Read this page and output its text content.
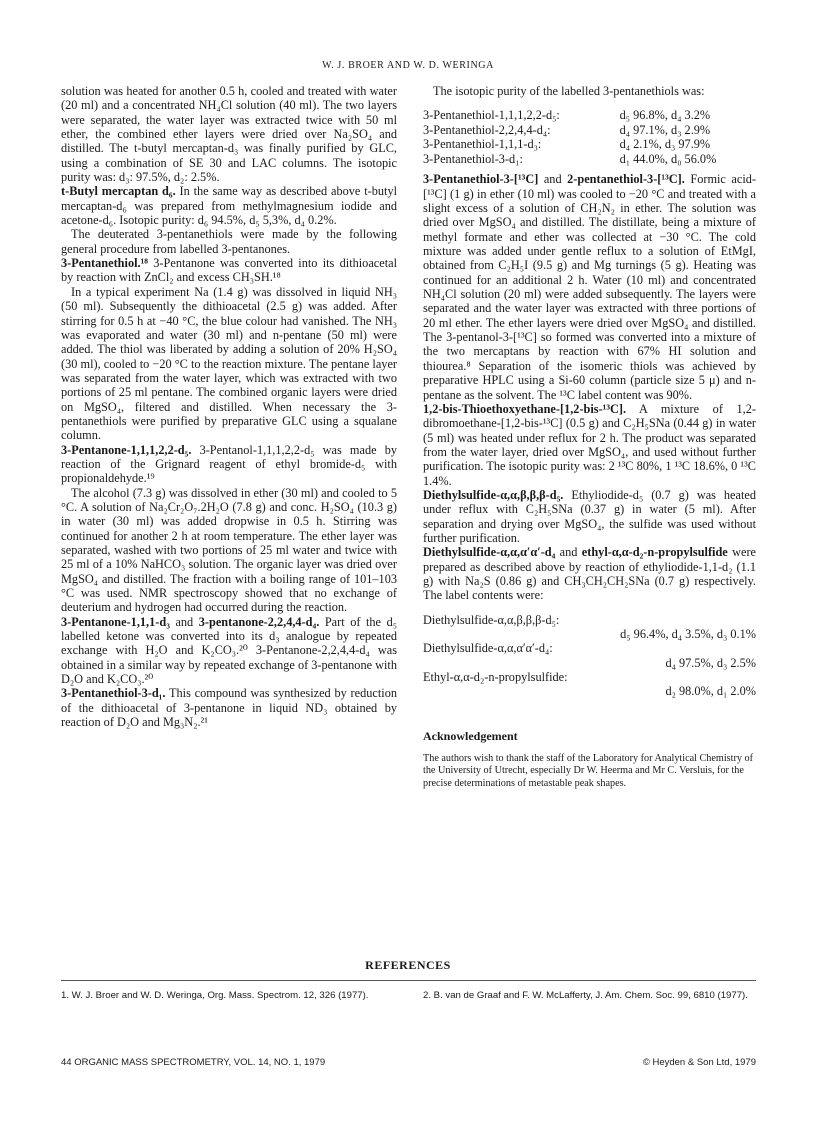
W. J. BROER AND W. D. WERINGA

solution was heated for another 0.5 h, cooled and treated with water (20 ml) and a concentrated NH₄Cl solution (40 ml). The two layers were separated, the water layer was extracted twice with 50 ml ether, the combined ether layers were dried over Na₂SO₄ and distilled. The t-butyl mercaptan-d₃ was finally purified by GLC, using a combination of SE 30 and LAC columns. The isotopic purity was: d₃: 97.5%, d₂: 2.5%.

t-Butyl mercaptan d₆. In the same way as described above t-butyl mercaptan-d₆ was prepared from methylmagnesium iodide and acetone-d₆. Isotopic purity: d₆ 94.5%, d₅ 5,3%, d₄ 0.2%.

The deuterated 3-pentanethiols were made by the following general procedure from labelled 3-pentanones.

3-Pentanethiol.¹⁸ 3-Pentanone was converted into its dithioacetal by reaction with ZnCl₂ and excess CH₃SH.¹⁸

In a typical experiment Na (1.4 g) was dissolved in liquid NH₃ (50 ml). Subsequently the dithioacetal (2.5 g) was added. After stirring for 0.5 h at −40 °C, the blue colour had vanished. The NH₃ was evaporated and water (30 ml) and n-pentane (50 ml) were added. The thiol was liberated by adding a solution of 20% H₂SO₄ (30 ml), cooled to −20 °C to the reaction mixture. The pentane layer was separated from the water layer, which was extracted with two portions of 25 ml pentane. The combined organic layers were dried on MgSO₄, filtered and distilled. When necessary the 3-pentanethiols were purified by preparative GLC using a squalane column.

3-Pentanone-1,1,1,2,2-d₅. 3-Pentanol-1,1,1,2,2-d₅ was made by reaction of the Grignard reagent of ethyl bromide-d₅ with propionaldehyde.¹⁹

The alcohol (7.3 g) was dissolved in ether (30 ml) and cooled to 5 °C. A solution of Na₂Cr₂O₇.2H₂O (7.8 g) and conc. H₂SO₄ (10.3 g) in water (30 ml) was added dropwise in 0.5 h. Stirring was continued for another 2 h at room temperature. The ether layer was separated, washed with two portions of 25 ml water and twice with 25 ml of a 10% NaHCO₃ solution. The organic layer was dried over MgSO₄ and distilled. The fraction with a boiling range of 101–103 °C was used. NMR spectroscopy showed that no exchange of deuterium and hydrogen had occurred during the reaction.

3-Pentanone-1,1,1-d₃ and 3-pentanone-2,2,4,4-d₄. Part of the d₅ labelled ketone was converted into its d₃ analogue by repeated exchange with H₂O and K₂CO₃.²⁰ 3-Pentanone-2,2,4,4-d₄ was obtained in a similar way by repeated exchange of 3-pentanone with D₂O and K₂CO₃.²⁰

3-Pentanethiol-3-d₁. This compound was synthesized by reduction of the dithioacetal of 3-pentanone in liquid ND₃ obtained by reaction of D₂O and Mg₃N₂.²¹

The isotopic purity of the labelled 3-pentanethiols was:

3-Pentanethiol-1,1,1,2,2-d₅:	d₅ 96.8%, d₄ 3.2%
3-Pentanethiol-2,2,4,4-d₄:	d₄ 97.1%, d₃ 2.9%
3-Pentanethiol-1,1,1-d₃:	d₄ 2.1%, d₃ 97.9%
3-Pentanethiol-3-d₁:	d₁ 44.0%, d₀ 56.0%

3-Pentanethiol-3-[¹³C] and 2-pentanethiol-3-[¹³C]. Formic acid-[¹³C] (1 g) in ether (10 ml) was cooled to −20 °C and treated with a slight excess of a solution of CH₂N₂ in ether. The solution was dried over MgSO₄ and distilled. The distillate, being a mixture of methyl formate and ether was collected at −30 °C. The cold mixture was added under gentle reflux to a solution of EtMgI, obtained from C₂H₅I (9.5 g) and Mg turnings (5 g). Heating was continued for an additional 2 h. Water (10 ml) and concentrated NH₄Cl solution (20 ml) were added subsequently. The layers were separated and the water layer was extracted with three portions of 20 ml ether. The ether layers were dried over MgSO₄ and distilled. The 3-pentanol-3-[¹³C] so formed was converted into a mixture of the two mercaptans by reaction with 67% HI solution and thiourea.⁸ Separation of the isomeric thiols was achieved by preparative HPLC using a Si-60 column (particle size 5 μ) and n-pentane as the solvent. The ¹³C label content was 90%.

1,2-bis-Thioethoxyethane-[1,2-bis-¹³C]. A mixture of 1,2-dibromoethane-[1,2-bis-¹³C] (0.5 g) and C₂H₅SNa (0.44 g) in water (5 ml) was heated under reflux for 2 h. The product was separated from the water layer, dried over MgSO₄, and used without further purification. The isotopic purity was: 2 ¹³C 80%, 1 ¹³C 18.6%, 0 ¹³C 1.4%.

Diethylsulfide-α,α,β,β,β-d₅. Ethyliodide-d₅ (0.7 g) was heated under reflux with C₂H₅SNa (0.37 g) in water (5 ml). After separation and drying over MgSO₄, the sulfide was used without further purification.

Diethylsulfide-α,α,α′α′-d₄ and ethyl-α,α-d₂-n-propylsulfide were prepared as described above by reaction of ethyliodide-1,1-d₂ (1.1 g) with Na₂S (0.86 g) and CH₃CH₂CH₂SNa (0.7 g) respectively. The label contents were:

Diethylsulfide-α,α,β,β,β-d₅:

d₅ 96.4%, d₄ 3.5%, d₃ 0.1%

Diethylsulfide-α,α,α′α′-d₄:

d₄ 97.5%, d₃ 2.5%

Ethyl-α,α-d₂-n-propylsulfide:

d₂ 98.0%, d₁ 2.0%

Acknowledgement

The authors wish to thank the staff of the Laboratory for Analytical Chemistry of the University of Utrecht, especially Dr W. Heerma and Mr C. Versluis, for the precise determinations of metastable peak shapes.

REFERENCES
1. W. J. Broer and W. D. Weringa, Org. Mass. Spectrom. 12, 326 (1977).	2. B. van de Graaf and F. W. McLafferty, J. Am. Chem. Soc. 99, 6810 (1977).
44 ORGANIC MASS SPECTROMETRY, VOL. 14, NO. 1, 1979	© Heyden & Son Ltd, 1979
